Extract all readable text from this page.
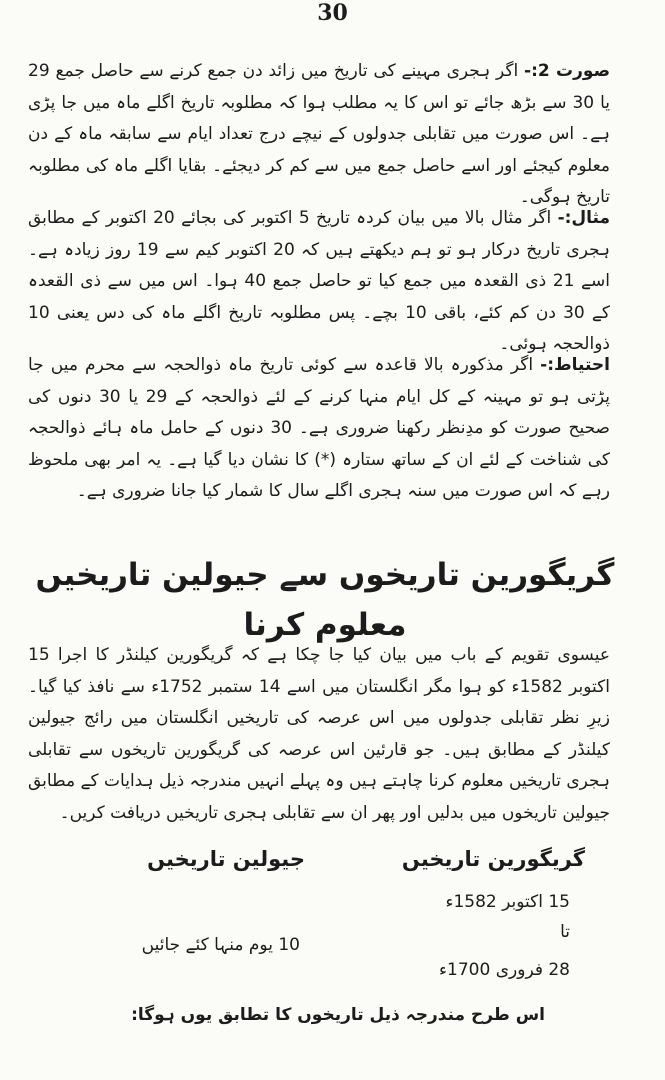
30
صورت 2:- اگر ہجری مہینے کی تاریخ میں زائد دن جمع کرنے سے حاصل جمع 29 یا 30 سے بڑھ جائے تو اس کا یہ مطلب ہوا کہ مطلوبہ تاریخ اگلے ماہ میں جا پڑی ہے۔ اس صورت میں تقابلی جدولوں کے نیچے درج تعداد ایام سے سابقہ ماہ کے دن معلوم کیجئے اور اسے حاصل جمع میں سے کم کر دیجئے۔ بقایا اگلے ماہ کی مطلوبہ تاریخ ہوگی۔
مثال:- اگر مثال بالا میں بیان کردہ تاریخ 5 اکتوبر کی بجائے 20 اکتوبر کے مطابق ہجری تاریخ درکار ہو تو ہم دیکھتے ہیں کہ 20 اکتوبر کیم سے 19 روز زیادہ ہے۔ اسے 21 ذی القعدہ میں جمع کیا تو حاصل جمع 40 ہوا۔ اس میں سے ذی القعدہ کے 30 دن کم کئے، باقی 10 بچے۔ پس مطلوبہ تاریخ اگلے ماہ کی دس یعنی 10 ذوالحجہ ہوئی۔
احتیاط:- اگر مذکورہ بالا قاعدہ سے کوئی تاریخ ماہ ذوالحجہ سے محرم میں جا پڑتی ہو تو مہینہ کے کل ایام منہا کرنے کے لئے ذوالحجہ کے 29 یا 30 دنوں کی صحیح صورت کو مدِنظر رکھنا ضروری ہے۔ 30 دنوں کے حامل ماہ ہائے ذوالحجہ کی شناخت کے لئے ان کے ساتھ ستارہ (*) کا نشان دیا گیا ہے۔ یہ امر بھی ملحوظ رہے کہ اس صورت میں سنہ ہجری اگلے سال کا شمار کیا جانا ضروری ہے۔
گریگورین تاریخوں سے جیولین تاریخیں معلوم کرنا
عیسوی تقویم کے باب میں بیان کیا جا چکا ہے کہ گریگورین کیلنڈر کا اجرا 15 اکتوبر 1582ء کو ہوا مگر انگلستان میں اسے 14 ستمبر 1752ء سے نافذ کیا گیا۔ زیرِ نظر تقابلی جدولوں میں اس عرصہ کی تاریخیں انگلستان میں رائج جیولین کیلنڈر کے مطابق ہیں۔ جو قارئین اس عرصہ کی گریگورین تاریخوں سے تقابلی ہجری تاریخیں معلوم کرنا چاہتے ہیں وہ پہلے انہیں مندرجہ ذیل ہدایات کے مطابق جیولین تاریخوں میں بدلیں اور پھر ان سے تقابلی ہجری تاریخیں دریافت کریں۔
گریگورین تاریخیں
جیولین تاریخیں
15 اکتوبر 1582ء
تا
10 یوم منہا کئے جائیں
28 فروری 1700ء
اس طرح مندرجہ ذیل تاریخوں کا تطابق یوں ہوگا:
